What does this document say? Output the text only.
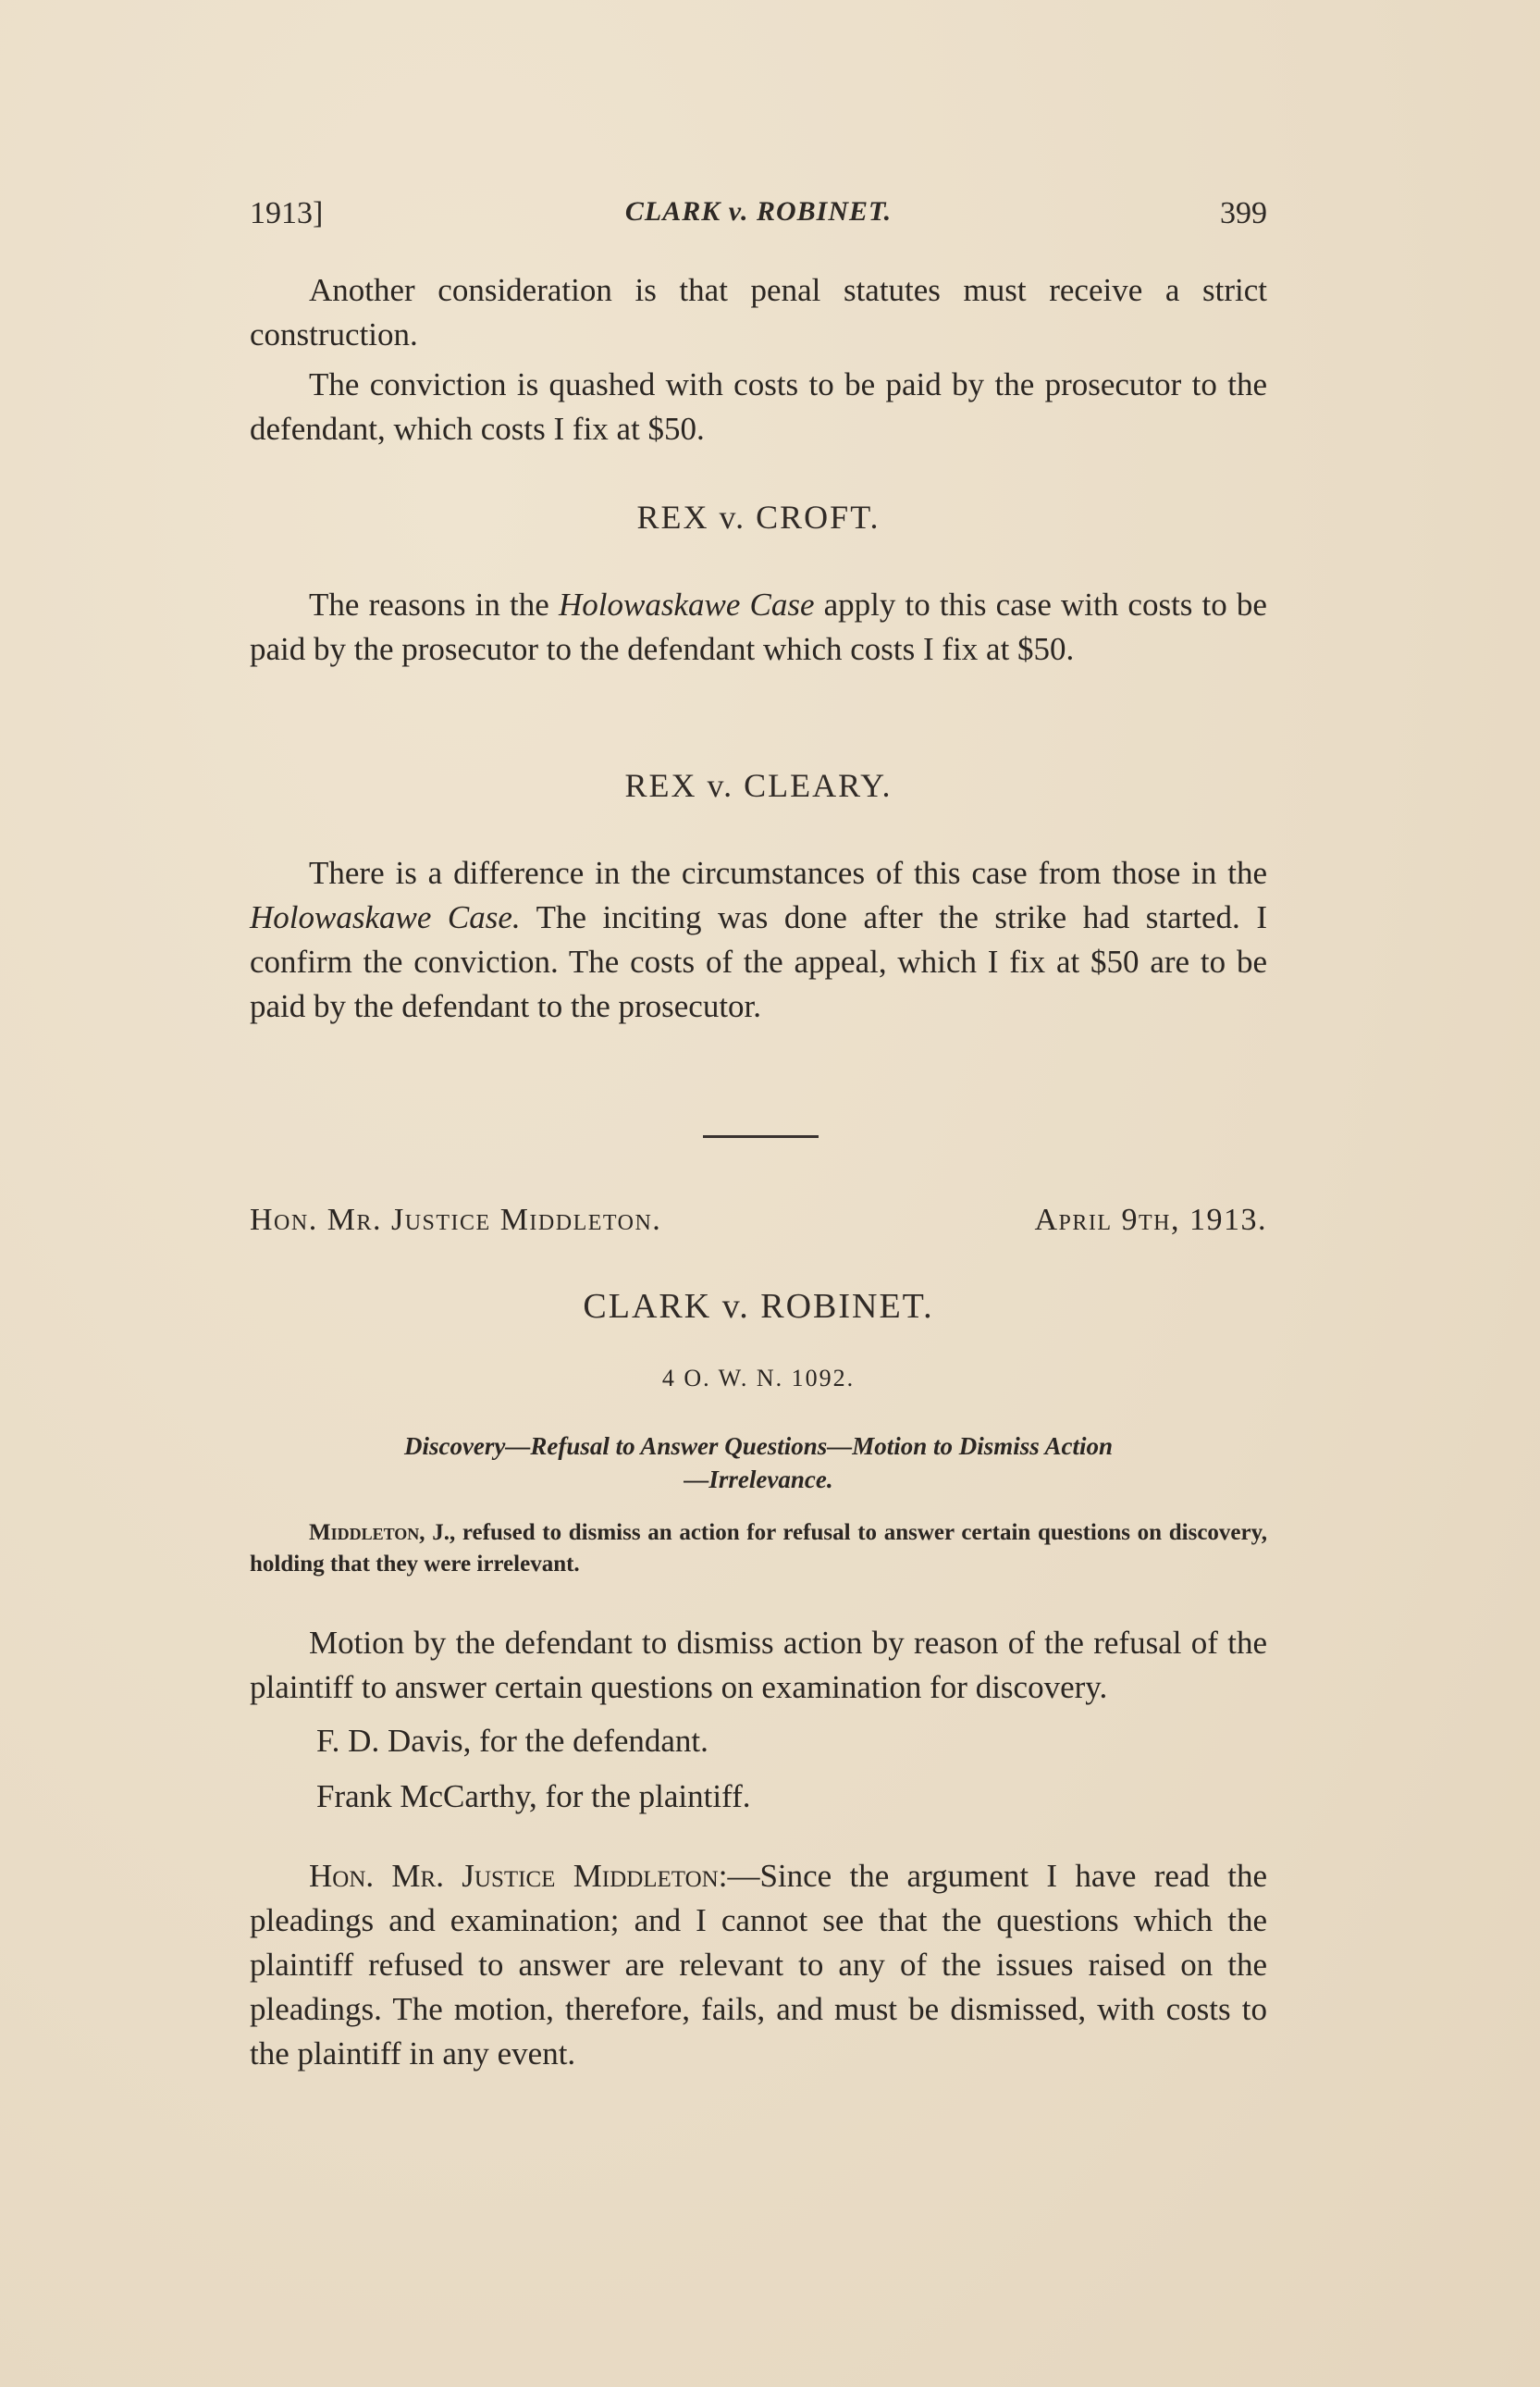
1913]	CLARK v. ROBINET.	399

Another consideration is that penal statutes must receive a strict construction.

The conviction is quashed with costs to be paid by the prosecutor to the defendant, which costs I fix at $50.

REX v. CROFT.

The reasons in the Holowaskawe Case apply to this case with costs to be paid by the prosecutor to the defendant which costs I fix at $50.

REX v. CLEARY.

There is a difference in the circumstances of this case from those in the Holowaskawe Case. The inciting was done after the strike had started. I confirm the conviction. The costs of the appeal, which I fix at $50 are to be paid by the defendant to the prosecutor.

Hon. Mr. Justice Middleton.	April 9th, 1913.
CLARK v. ROBINET.
4 O. W. N. 1092.
Discovery—Refusal to Answer Questions—Motion to Dismiss Action
—Irrelevance.
Middleton, J., refused to dismiss an action for refusal to answer certain questions on discovery, holding that they were irrelevant.

Motion by the defendant to dismiss action by reason of the refusal of the plaintiff to answer certain questions on examination for discovery.

F. D. Davis, for the defendant.
Frank McCarthy, for the plaintiff.

Hon. Mr. Justice Middleton:—Since the argument I have read the pleadings and examination; and I cannot see that the questions which the plaintiff refused to answer are relevant to any of the issues raised on the pleadings. The motion, therefore, fails, and must be dismissed, with costs to the plaintiff in any event.
